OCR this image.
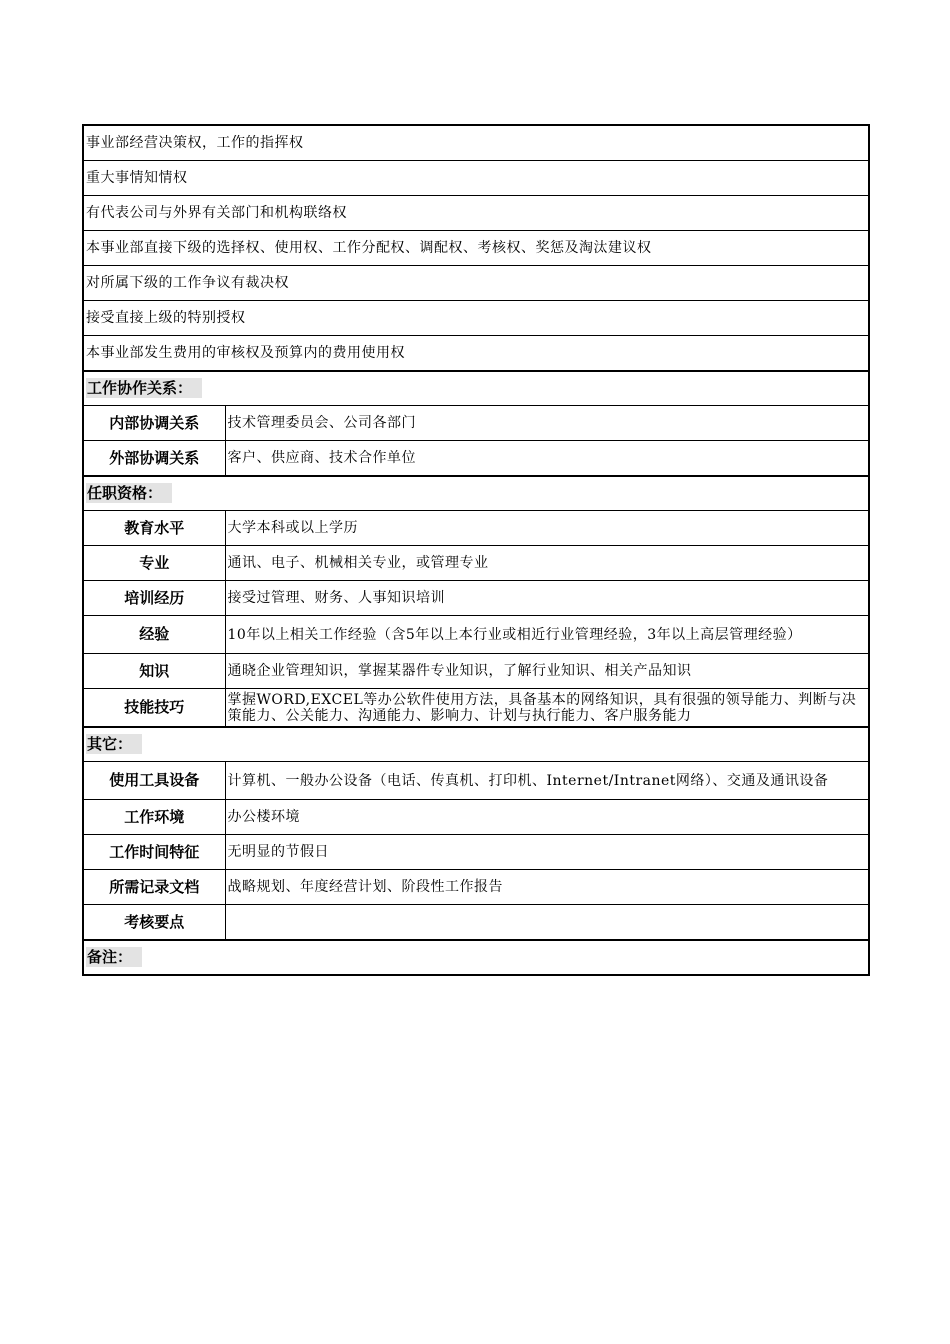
事业部经营决策权，工作的指挥权	
重大事情知情权	
有代表公司与外界有关部门和机构联络权	
本事业部直接下级的选择权、使用权、工作分配权、调配权、考核权、奖惩及淘汰建议权	
对所属下级的工作争议有裁决权	
接受直接上级的特别授权	
本事业部发生费用的审核权及预算内的费用使用权	
工作协作关系：	
内部协调关系	技术管理委员会、公司各部门
外部协调关系	客户、供应商、技术合作单位
任职资格：	
教育水平	大学本科或以上学历
专业	通讯、电子、机械相关专业，或管理专业
培训经历	接受过管理、财务、人事知识培训
经验	10年以上相关工作经验（含5年以上本行业或相近行业管理经验，3年以上高层管理经验）
知识	通晓企业管理知识，掌握某器件专业知识，了解行业知识、相关产品知识
技能技巧	掌握WORD,EXCEL等办公软件使用方法，具备基本的网络知识，具有很强的领导能力、判断与决策能力、公关能力、沟通能力、影响力、计划与执行能力、客户服务能力
其它：	
使用工具设备	计算机、一般办公设备（电话、传真机、打印机、Internet/Intranet网络）、交通及通讯设备
工作环境	办公楼环境
工作时间特征	无明显的节假日
所需记录文档	战略规划、年度经营计划、阶段性工作报告
考核要点	
备注：	
